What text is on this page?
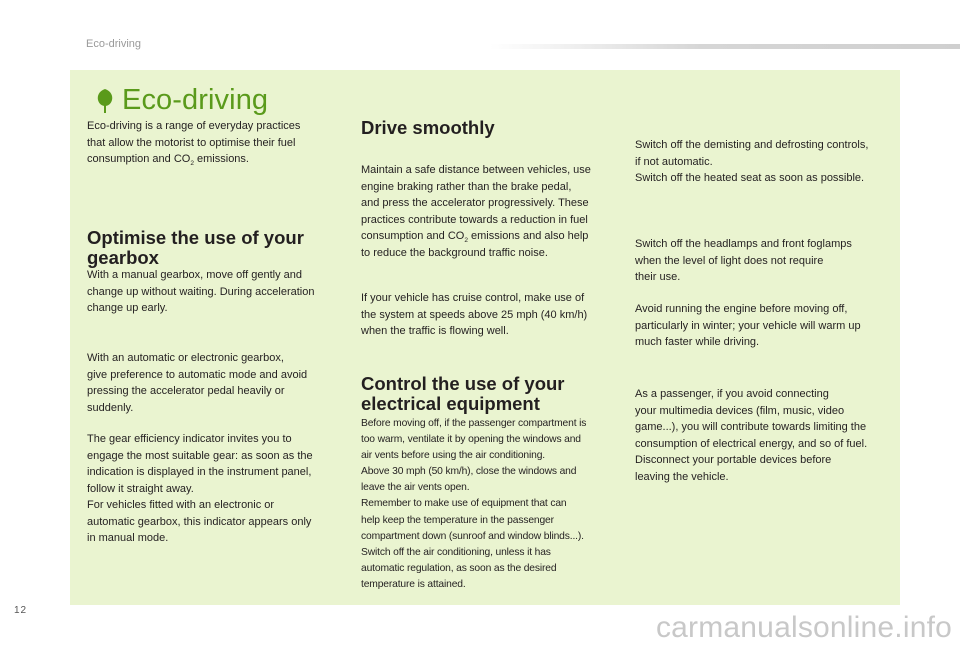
Eco-driving
Eco-driving
Eco-driving is a range of everyday practices
that allow the motorist to optimise their fuel
consumption and $CO_2$ emissions.
Optimise the use of your
gearbox
With a manual gearbox, move off gently and
change up without waiting. During acceleration
change up early.
With an automatic or electronic gearbox,
give preference to automatic mode and avoid
pressing the accelerator pedal heavily or
suddenly.
The gear efficiency indicator invites you to
engage the most suitable gear: as soon as the
indication is displayed in the instrument panel,
follow it straight away.
For vehicles fitted with an electronic or
automatic gearbox, this indicator appears only
in manual mode.
Drive smoothly
Maintain a safe distance between vehicles, use
engine braking rather than the brake pedal,
and press the accelerator progressively. These
practices contribute towards a reduction in fuel
consumption and $CO_2$ emissions and also help
to reduce the background traffic noise.
If your vehicle has cruise control, make use of
the system at speeds above 25 mph (40 km/h)
when the traffic is flowing well.
Control the use of your
electrical equipment
Before moving off, if the passenger compartment is
too warm, ventilate it by opening the windows and
air vents before using the air conditioning.
Above 30 mph (50 km/h), close the windows and
leave the air vents open.
Remember to make use of equipment that can
help keep the temperature in the passenger
compartment down (sunroof and window blinds...).
Switch off the air conditioning, unless it has
automatic regulation, as soon as the desired
temperature is attained.
Switch off the demisting and defrosting controls,
if not automatic.
Switch off the heated seat as soon as possible.
Switch off the headlamps and front foglamps
when the level of light does not require
their use.
Avoid running the engine before moving off,
particularly in winter; your vehicle will warm up
much faster while driving.
As a passenger, if you avoid connecting
your multimedia devices (film, music, video
game...), you will contribute towards limiting the
consumption of electrical energy, and so of fuel.
Disconnect your portable devices before
leaving the vehicle.
12
carmanualsonline.info
